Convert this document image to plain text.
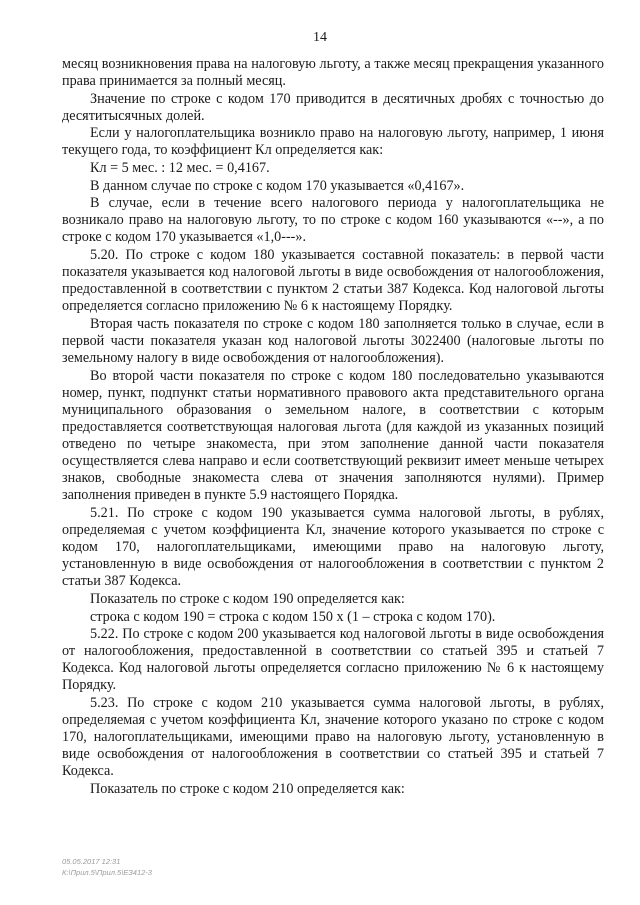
14

месяц возникновения права на налоговую льготу, а также месяц прекращения указанного права принимается за полный месяц.

Значение по строке с кодом 170 приводится в десятичных дробях с точностью до десятитысячных долей.

Если у налогоплательщика возникло право на налоговую льготу, например, 1 июня текущего года, то коэффициент Кл определяется как:

Кл = 5 мес. : 12 мес. = 0,4167.

В данном случае по строке с кодом 170 указывается «0,4167».

В случае, если в течение всего налогового периода у налогоплательщика не возникало право на налоговую льготу, то по строке с кодом 160 указываются «--», а по строке с кодом 170 указывается «1,0---».

5.20. По строке с кодом 180 указывается составной показатель: в первой части показателя указывается код налоговой льготы в виде освобождения от налогообложения, предоставленной в соответствии с пунктом 2 статьи 387 Кодекса. Код налоговой льготы определяется согласно приложению № 6 к настоящему Порядку.

Вторая часть показателя по строке с кодом 180 заполняется только в случае, если в первой части показателя указан код налоговой льготы 3022400 (налоговые льготы по земельному налогу в виде освобождения от налогообложения).

Во второй части показателя по строке с кодом 180 последовательно указываются номер, пункт, подпункт статьи нормативного правового акта представительного органа муниципального образования о земельном налоге, в соответствии с которым предоставляется соответствующая налоговая льгота (для каждой из указанных позиций отведено по четыре знакоместа, при этом заполнение данной части показателя осуществляется слева направо и если соответствующий реквизит имеет меньше четырех знаков, свободные знакоместа слева от значения заполняются нулями). Пример заполнения приведен в пункте 5.9 настоящего Порядка.

5.21. По строке с кодом 190 указывается сумма налоговой льготы, в рублях, определяемая с учетом коэффициента Кл, значение которого указывается по строке с кодом 170, налогоплательщиками, имеющими право на налоговую льготу, установленную в виде освобождения от налогообложения в соответствии с пунктом 2 статьи 387 Кодекса.

Показатель по строке с кодом 190 определяется как:

строка с кодом 190 = строка с кодом 150 x (1 – строка с кодом 170).

5.22. По строке с кодом 200 указывается код налоговой льготы в виде освобождения от налогообложения, предоставленной в соответствии со статьей 395 и статьей 7 Кодекса. Код налоговой льготы определяется согласно приложению № 6 к настоящему Порядку.

5.23. По строке с кодом 210 указывается сумма налоговой льготы, в рублях, определяемая с учетом коэффициента Кл, значение которого указано по строке с кодом 170, налогоплательщиками, имеющими право на налоговую льготу, установленную в виде освобождения от налогообложения в соответствии со статьей 395 и статьей 7 Кодекса.

Показатель по строке с кодом 210 определяется как:

05.05.2017 12:31
К:\Прил.5\Прил.5\ЕЗ412-3
